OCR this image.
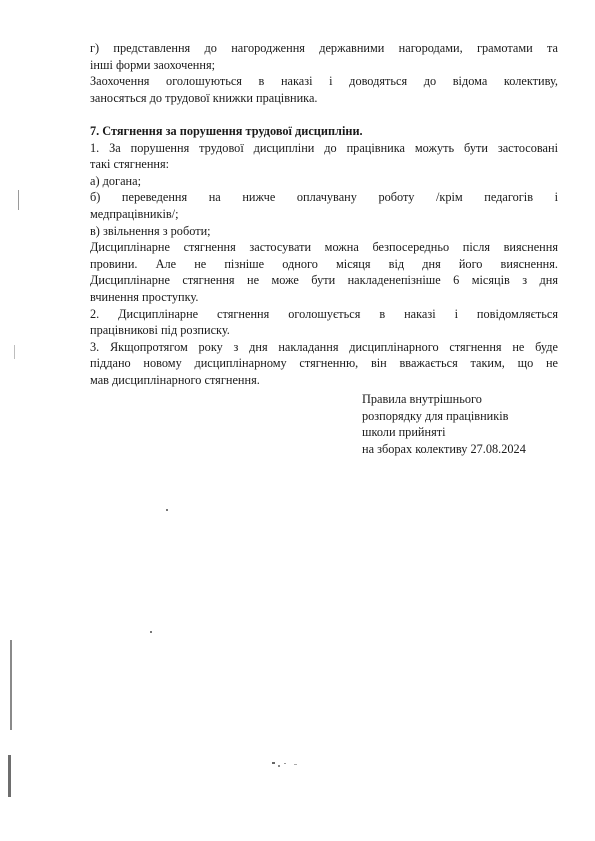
г) представлення до нагородження державними нагородами, грамотами та

інші форми заохочення;

Заохочення оголошуються в наказі і доводяться до відома колективу,

заносяться до трудової книжки працівника.

7. Стягнення за порушення трудової дисципліни.

1. За порушення трудової дисципліни до працівника можуть бути застосовані

такі стягнення:

а) догана;

б) переведення на нижче оплачувану роботу /крім педагогів і

медпрацівників/;

в) звільнення з роботи;

Дисциплінарне стягнення застосувати можна безпосередньо після вияснення

провини. Але не пізніше одного місяця від дня його вияснення.

Дисциплінарне стягнення не може бути накладенепізніше 6 місяців з дня

вчинення проступку.

2. Дисциплінарне стягнення оголошується в наказі і повідомляється

працівникові під розписку.

3. Якщопротягом року з дня накладання дисциплінарного стягнення не буде

піддано новому дисциплінарному стягненню, він вважається таким, що не

мав дисциплінарного стягнення.

Правила внутрішнього
розпорядку для працівників
школи прийняті
на зборах колективу 27.08.2024
